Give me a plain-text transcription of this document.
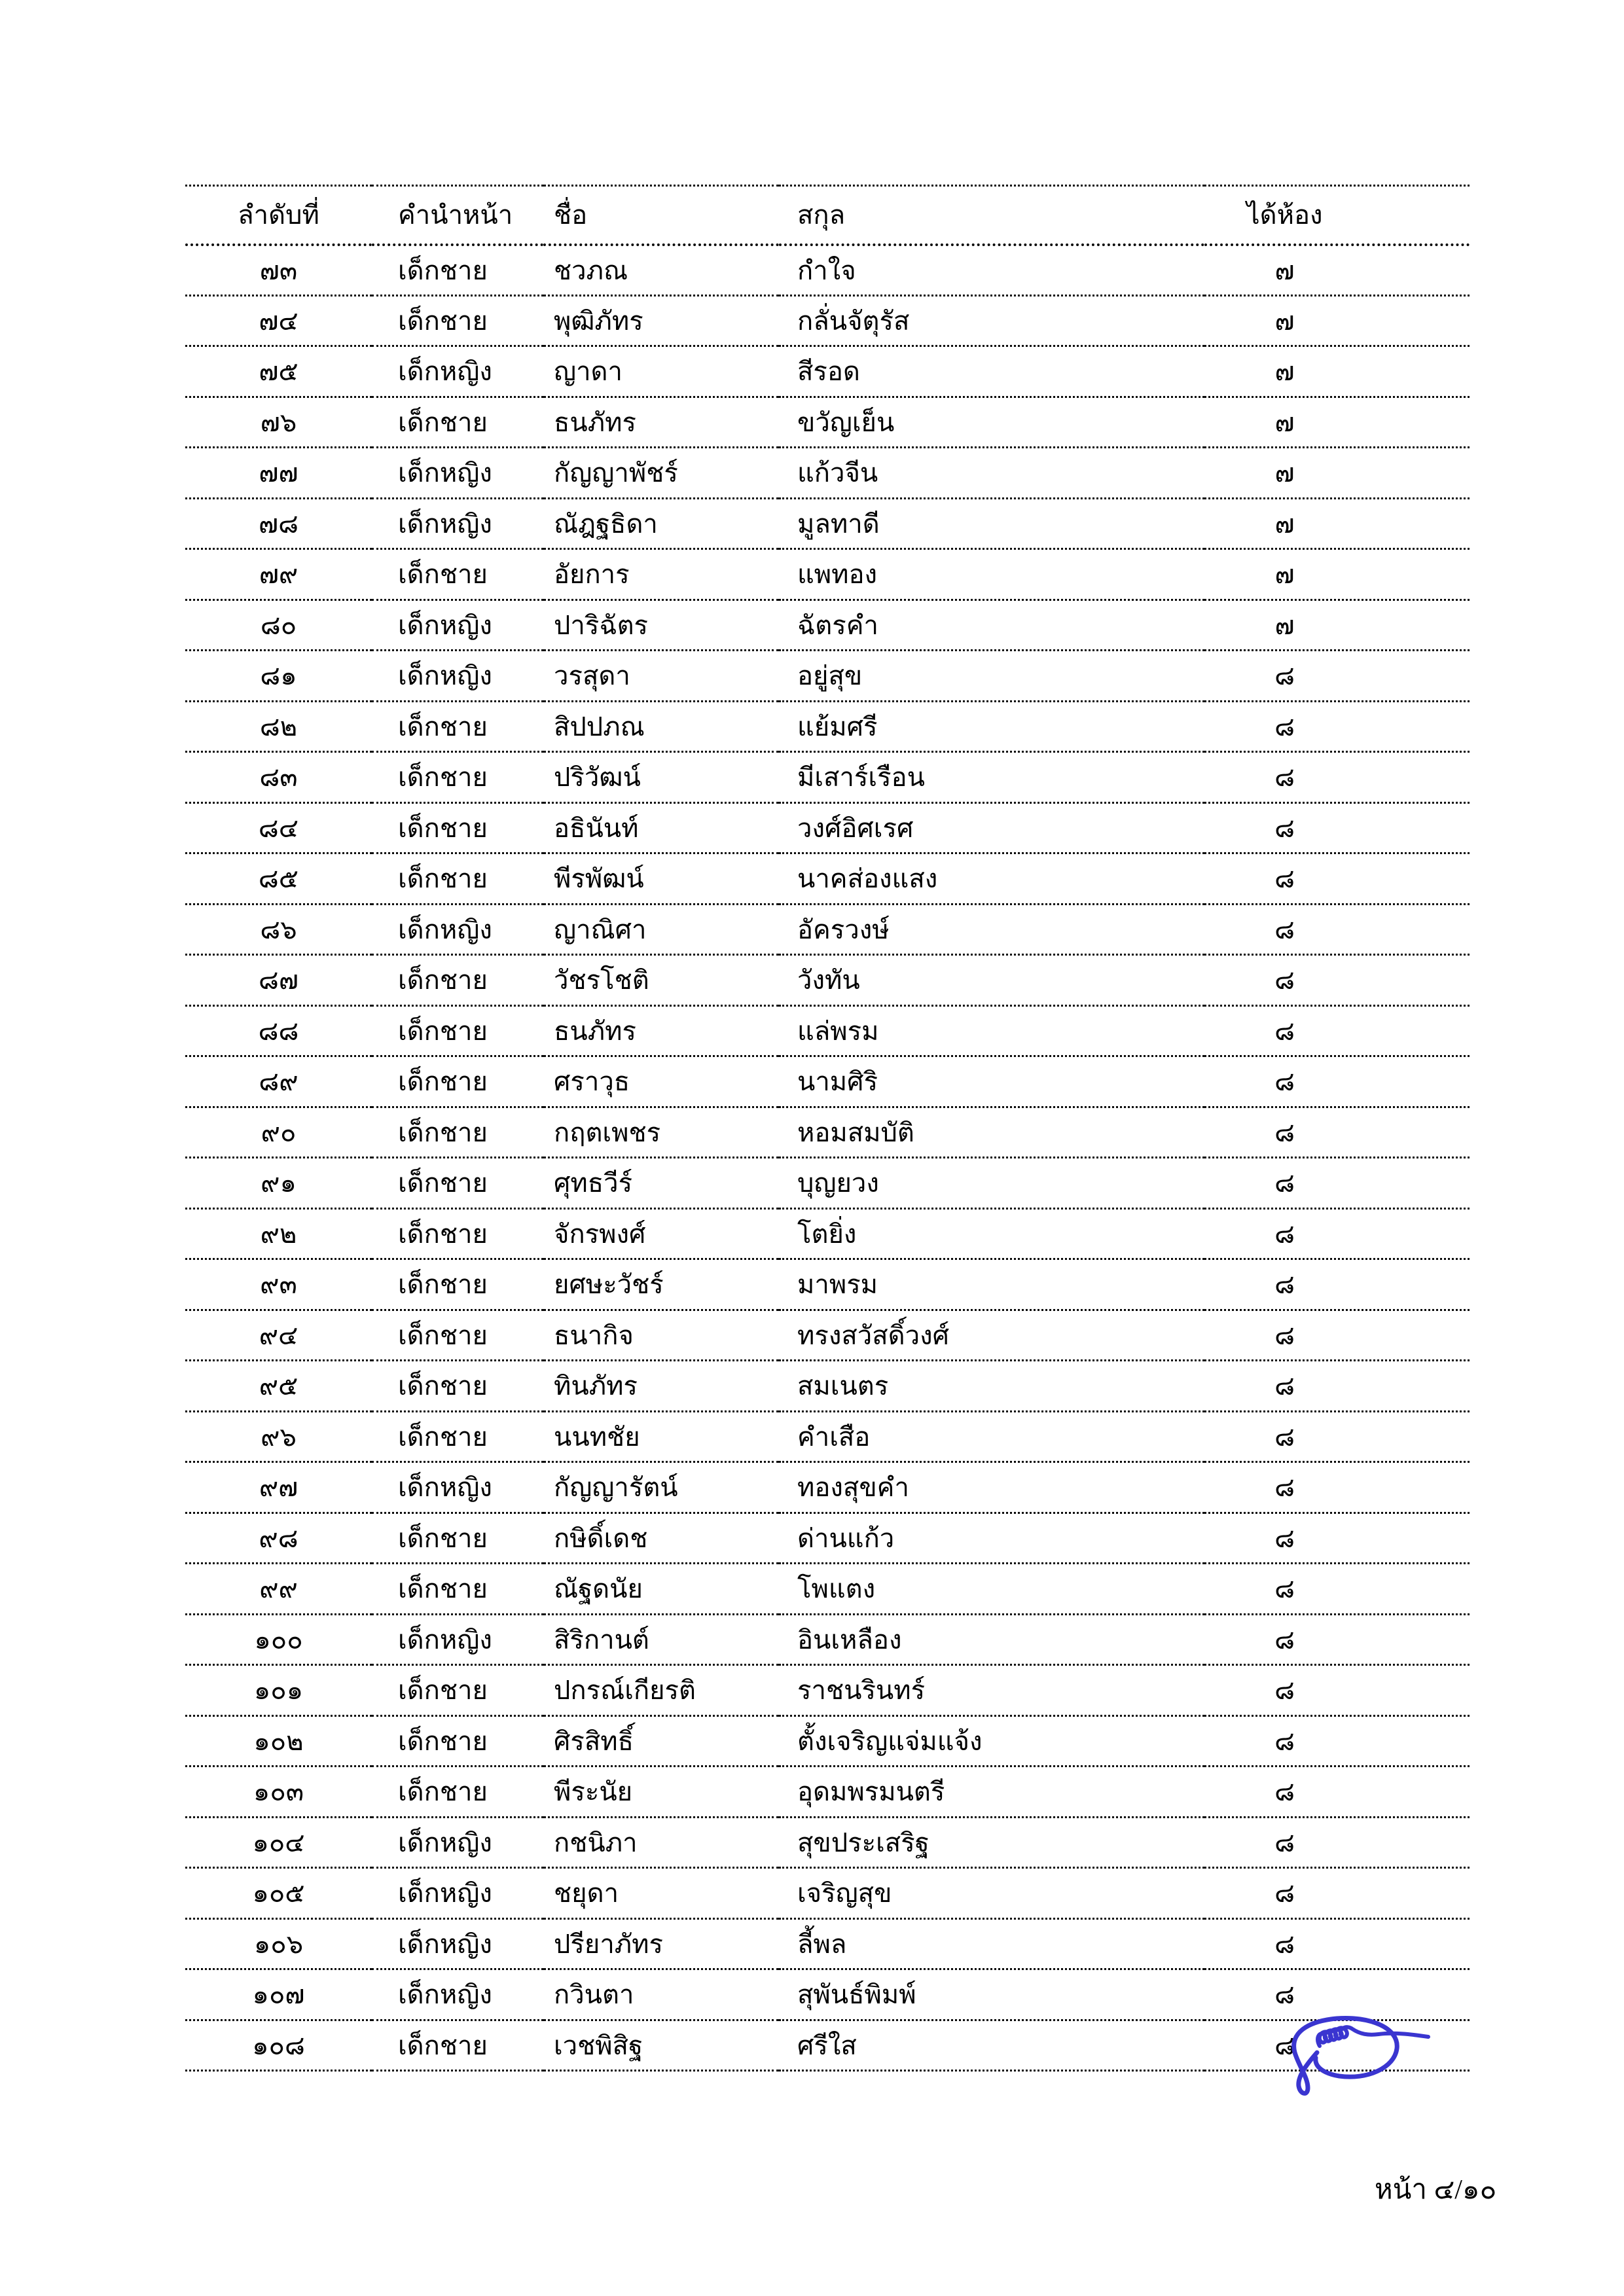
ลำดับที่	คำนำหน้า	ชื่อ	สกุล	ได้ห้อง
๗๓	เด็กชาย	ชวภณ	กำใจ	๗
๗๔	เด็กชาย	พุฒิภัทร	กลั่นจัตุรัส	๗
๗๕	เด็กหญิง	ญาดา	สีรอด	๗
๗๖	เด็กชาย	ธนภัทร	ขวัญเย็น	๗
๗๗	เด็กหญิง	กัญญาพัชร์	แก้วจีน	๗
๗๘	เด็กหญิง	ณัฎฐธิดา	มูลทาดี	๗
๗๙	เด็กชาย	อัยการ	แพทอง	๗
๘๐	เด็กหญิง	ปาริฉัตร	ฉัตรคำ	๗
๘๑	เด็กหญิง	วรสุดา	อยู่สุข	๘
๘๒	เด็กชาย	สิปปภณ	แย้มศรี	๘
๘๓	เด็กชาย	ปริวัฒน์	มีเสาร์เรือน	๘
๘๔	เด็กชาย	อธินันท์	วงศ์อิศเรศ	๘
๘๕	เด็กชาย	พีรพัฒน์	นาคส่องแสง	๘
๘๖	เด็กหญิง	ญาณิศา	อัครวงษ์	๘
๘๗	เด็กชาย	วัชรโชติ	วังทัน	๘
๘๘	เด็กชาย	ธนภัทร	แล่พรม	๘
๘๙	เด็กชาย	ศราวุธ	นามศิริ	๘
๙๐	เด็กชาย	กฤตเพชร	หอมสมบัติ	๘
๙๑	เด็กชาย	ศุทธวีร์	บุญยวง	๘
๙๒	เด็กชาย	จักรพงศ์	โตยิ่ง	๘
๙๓	เด็กชาย	ยศษะวัชร์	มาพรม	๘
๙๔	เด็กชาย	ธนากิจ	ทรงสวัสดิ์วงศ์	๘
๙๕	เด็กชาย	ทินภัทร	สมเนตร	๘
๙๖	เด็กชาย	นนทชัย	คำเสือ	๘
๙๗	เด็กหญิง	กัญญารัตน์	ทองสุขคำ	๘
๙๘	เด็กชาย	กษิดิ์เดช	ด่านแก้ว	๘
๙๙	เด็กชาย	ณัฐดนัย	โพแตง	๘
๑๐๐	เด็กหญิง	สิริกานต์	อินเหลือง	๘
๑๐๑	เด็กชาย	ปกรณ์เกียรติ	ราชนรินทร์	๘
๑๐๒	เด็กชาย	ศิรสิทธิ์	ตั้งเจริญแจ่มแจ้ง	๘
๑๐๓	เด็กชาย	พีระนัย	อุดมพรมนตรี	๘
๑๐๔	เด็กหญิง	กชนิภา	สุขประเสริฐ	๘
๑๐๕	เด็กหญิง	ชยุดา	เจริญสุข	๘
๑๐๖	เด็กหญิง	ปรียาภัทร	ลี้พล	๘
๑๐๗	เด็กหญิง	กวินตา	สุพันธ์พิมพ์	๘
๑๐๘	เด็กชาย	เวชพิสิฐ	ศรีใส	๘
หน้า ๔/๑๐
